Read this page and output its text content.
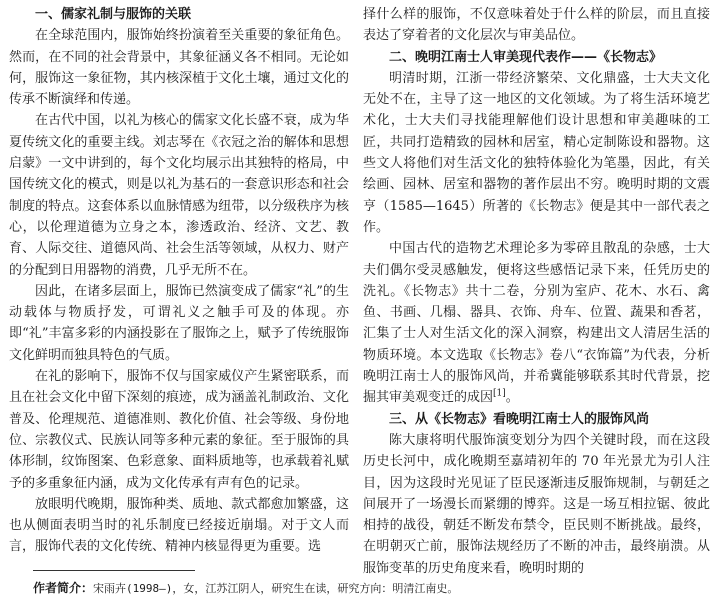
一、儒家礼制与服饰的关联

在全球范围内，服饰始终扮演着至关重要的象征角色。然而，在不同的社会背景中，其象征涵义各不相同。无论如何，服饰这一象征物，其内核深植于文化土壤，通过文化的传承不断演绎和传递。

在古代中国，以礼为核心的儒家文化长盛不衰，成为华夏传统文化的重要主线。刘志琴在《衣冠之治的解体和思想启蒙》一文中讲到的，每个文化均展示出其独特的格局，中国传统文化的模式，则是以礼为基石的一套意识形态和社会制度的特点。这套体系以血脉情感为纽带，以分级秩序为核心，以伦理道德为立身之本，渗透政治、经济、文艺、教育、人际交往、道德风尚、社会生活等领域，从权力、财产的分配到日用器物的消费，几乎无所不在。

因此，在诸多层面上，服饰已然演变成了儒家“礼”的生动载体与物质抒发，可谓礼义之触手可及的体现。亦即“礼”丰富多彩的内涵投影在了服饰之上，赋予了传统服饰文化鲜明而独具特色的气质。

在礼的影响下，服饰不仅与国家威仪产生紧密联系，而且在社会文化中留下深刻的痕迹，成为涵盖礼制政治、文化普及、伦理规范、道德准则、教化价值、社会等级、身份地位、宗教仪式、民族认同等多种元素的象征。至于服饰的具体形制，纹饰图案、色彩意象、面料质地等，也承载着礼赋予的多重象征内涵，成为文化传承有声有色的记录。

放眼明代晚期，服饰种类、质地、款式都愈加繁盛，这也从侧面表明当时的礼乐制度已经接近崩塌。对于文人而言，服饰代表的文化传统、精神内核显得更为重要。选

择什么样的服饰，不仅意味着处于什么样的阶层，而且直接表达了穿着者的文化层次与审美品位。

二、晚明江南士人审美现代表作——《长物志》

明清时期，江浙一带经济繁荣、文化鼎盛，士大夫文化无处不在，主导了这一地区的文化领域。为了将生活环境艺术化，士大夫们寻找能理解他们设计思想和审美趣味的工匠，共同打造精致的园林和居室，精心定制陈设和器物。这些文人将他们对生活文化的独特体验化为笔墨，因此，有关绘画、园林、居室和器物的著作层出不穷。晚明时期的文震亨（1585—1645）所著的《长物志》便是其中一部代表之作。

中国古代的造物艺术理论多为零碎且散乱的杂感，士大夫们偶尔受灵感触发，便将这些感悟记录下来，任凭历史的洗礼。《长物志》共十二卷，分别为室庐、花木、水石、禽鱼、书画、几榻、器具、衣饰、舟车、位置、蔬果和香茗，汇集了士人对生活文化的深入洞察，构建出文人清居生活的物质环境。本文选取《长物志》卷八“衣饰篇”为代表，分析晚明江南士人的服饰风尚，并希冀能够联系其时代背景，挖掘其审美观变迁的成因[1]。

三、从《长物志》看晚明江南士人的服饰风尚

陈大康将明代服饰演变划分为四个关键时段，而在这段历史长河中，成化晚期至嘉靖初年的 70 年光景尤为引人注目，因为这段时光见证了臣民逐渐违反服饰规制，与朝廷之间展开了一场漫长而紧绷的博弈。这是一场互相拉锯、彼此相持的战役，朝廷不断发布禁令，臣民则不断挑战。最终，在明朝灭亡前，服饰法规经历了不断的冲击，最终崩溃。从服饰变革的历史角度来看，晚明时期的

作者简介：宋雨卉(1998—)，女，江苏江阴人，研究生在读，研究方向：明清江南史。
